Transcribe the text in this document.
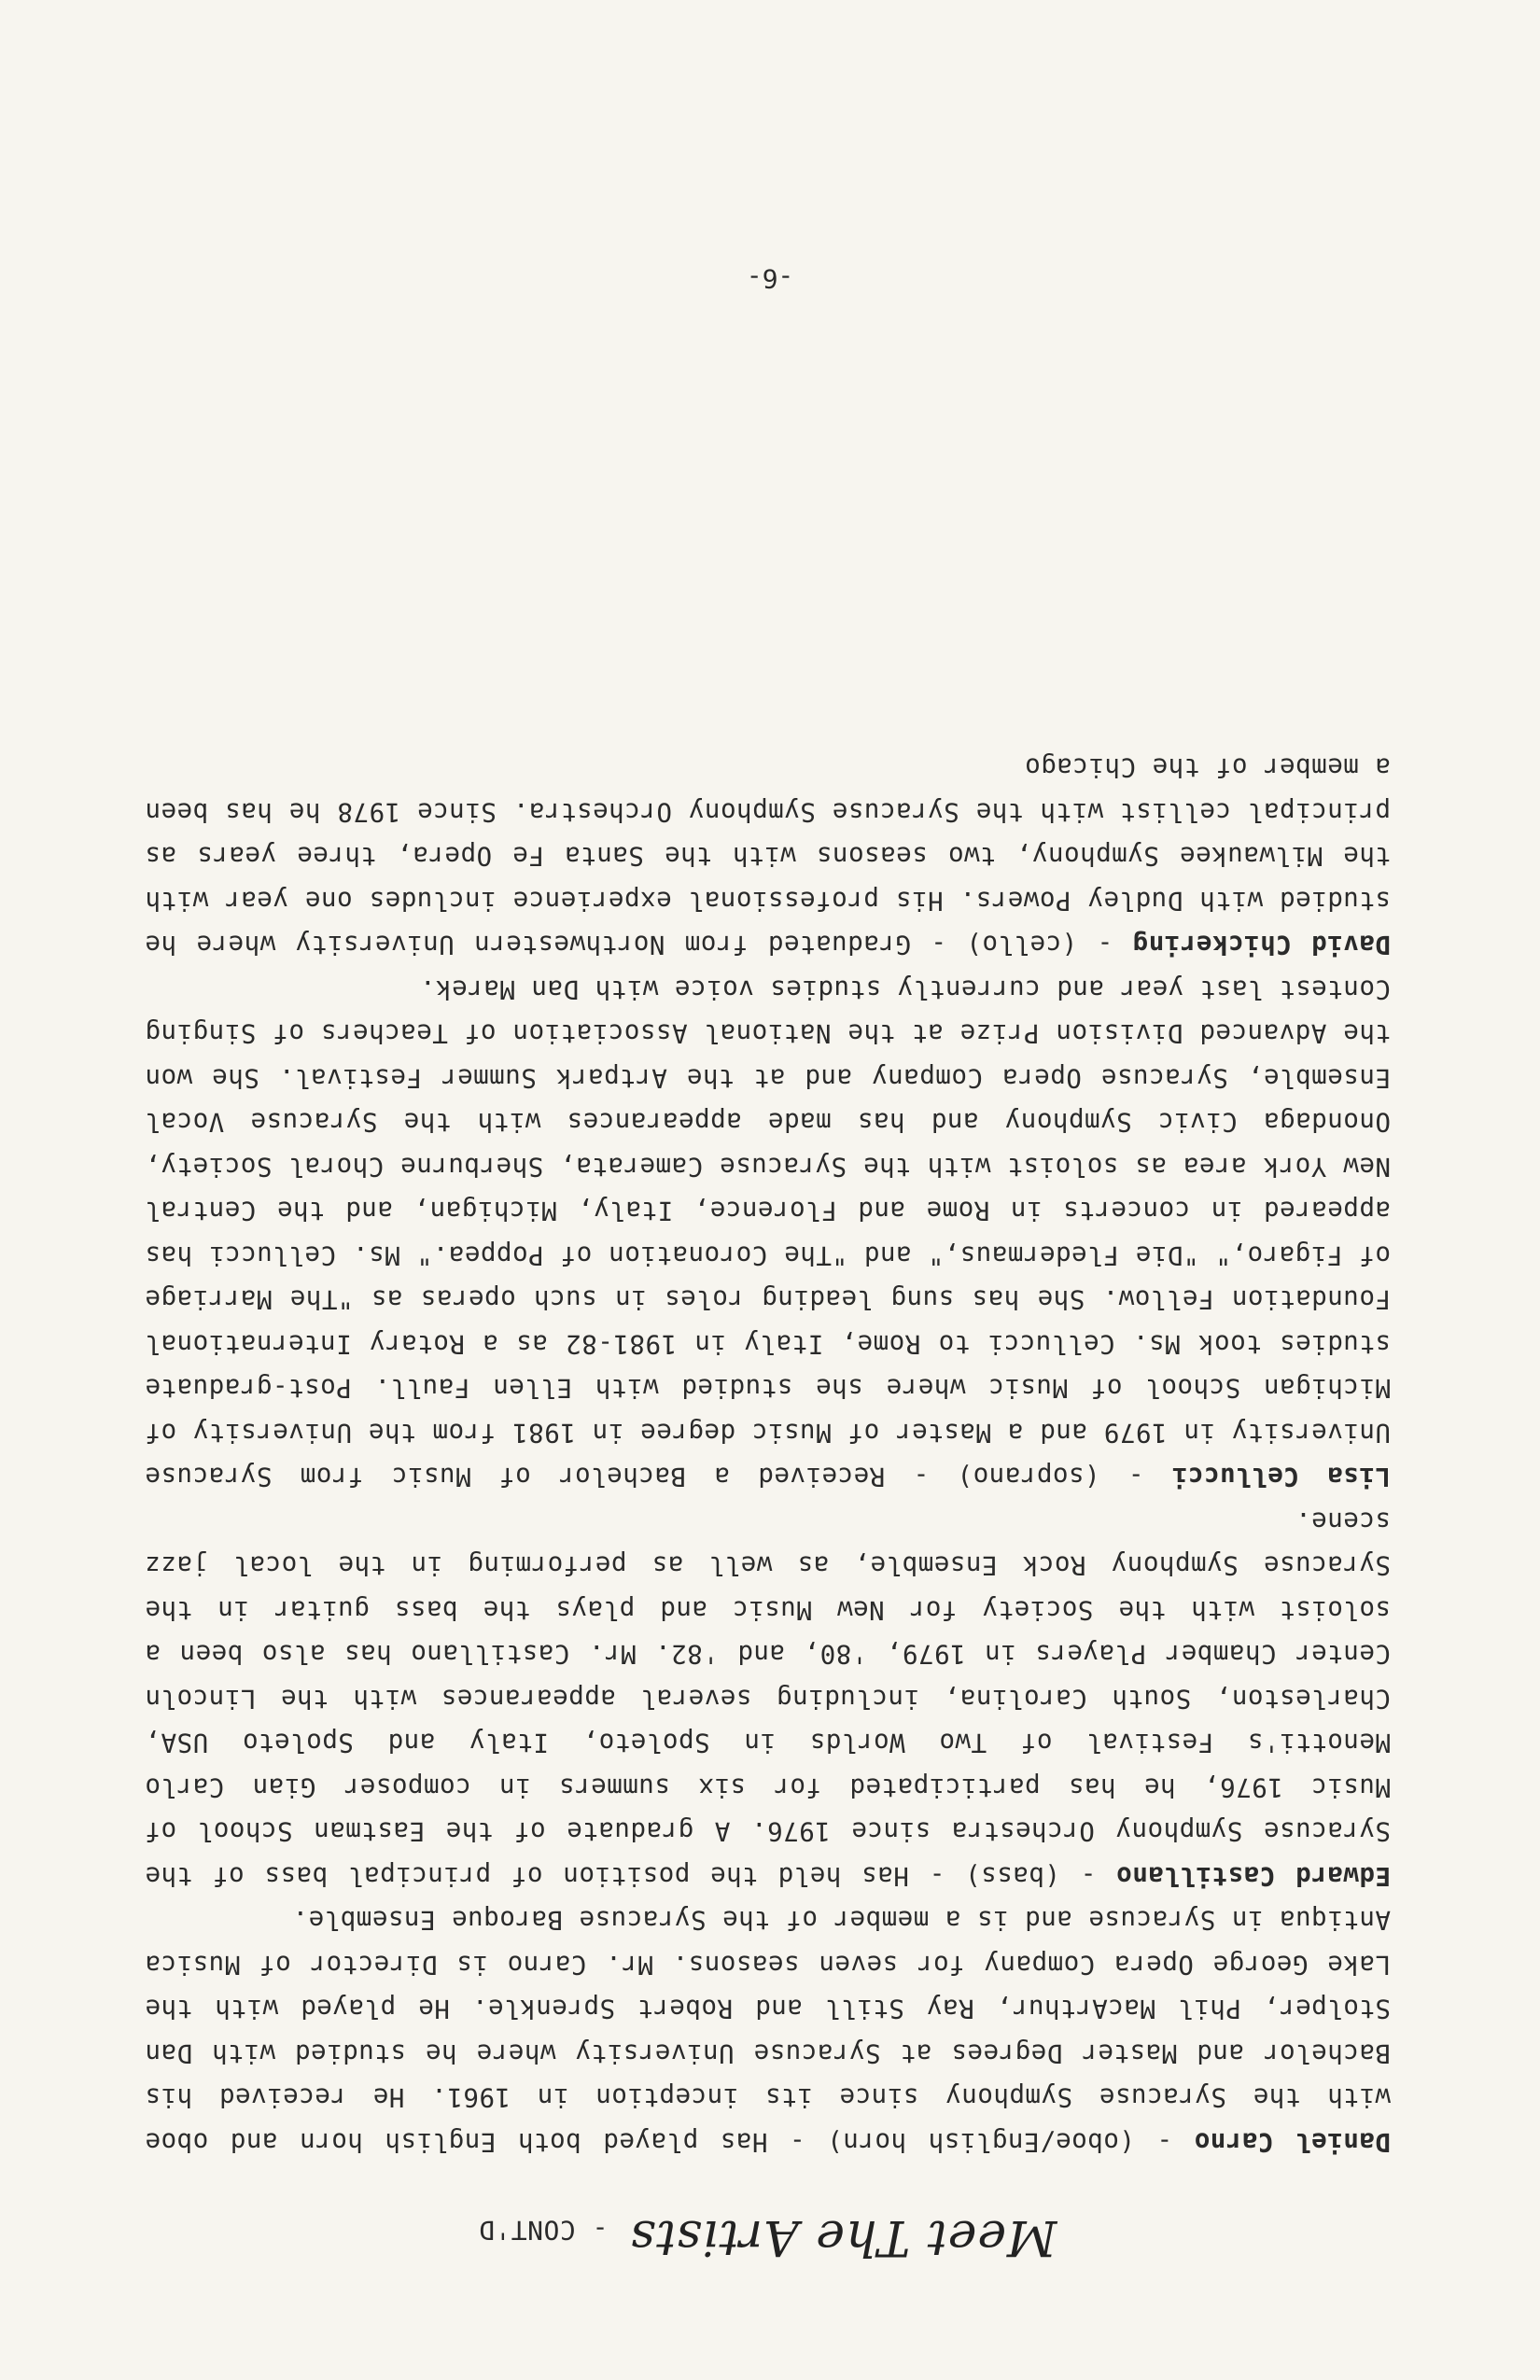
Meet The Artists - CONT'D

Daniel Carno - (oboe/English horn) - Has played both English horn and oboe with the Syracuse Symphony since its inception in 1961. He received his Bachelor and Master Degrees at Syracuse University where he studied with Dan Stolper, Phil MacArthur, Ray Still and Robert Sprenkle. He played with the Lake George Opera Company for seven seasons. Mr. Carno is Director of Musica Antiqua in Syracuse and is a member of the Syracuse Baroque Ensemble.

Edward Castillano - (bass) - Has held the position of principal bass of the Syracuse Symphony Orchestra since 1976. A graduate of the Eastman School of Music 1976, he has participated for six summers in composer Gian Carlo Menotti's Festival of Two Worlds in Spoleto, Italy and Spoleto USA, Charleston, South Carolina, including several appearances with the Lincoln Center Chamber Players in 1979, '80, and '82. Mr. Castillano has also been a soloist with the Society for New Music and plays the bass guitar in the Syracuse Symphony Rock Ensemble, as well as performing in the local jazz scene.

Lisa Cellucci - (soprano) - Received a Bachelor of Music from Syracuse University in 1979 and a Master of Music degree in 1981 from the University of Michigan School of Music where she studied with Ellen Faull. Post-graduate studies took Ms. Cellucci to Rome, Italy in 1981-82 as a Rotary International Foundation Fellow. She has sung leading roles in such operas as "The Marriage of Figaro," "Die Fledermaus," and "The Coronation of Poppea." Ms. Cellucci has appeared in concerts in Rome and Florence, Italy, Michigan, and the Central New York area as soloist with the Syracuse Camerata, Sherburne Choral Society, Onondaga Civic Symphony and has made appearances with the Syracuse Vocal Ensemble, Syracuse Opera Company and at the Artpark Summer Festival. She won the Advanced Division Prize at the National Association of Teachers of Singing Contest last year and currently studies voice with Dan Marek.

David Chickering - (cello) - Graduated from Northwestern University where he studied with Dudley Powers. His professional experience includes one year with the Milwaukee Symphony, two seasons with the Santa Fe Opera, three years as principal cellist with the Syracuse Symphony Orchestra. Since 1978 he has been a member of the Chicago

-6-
